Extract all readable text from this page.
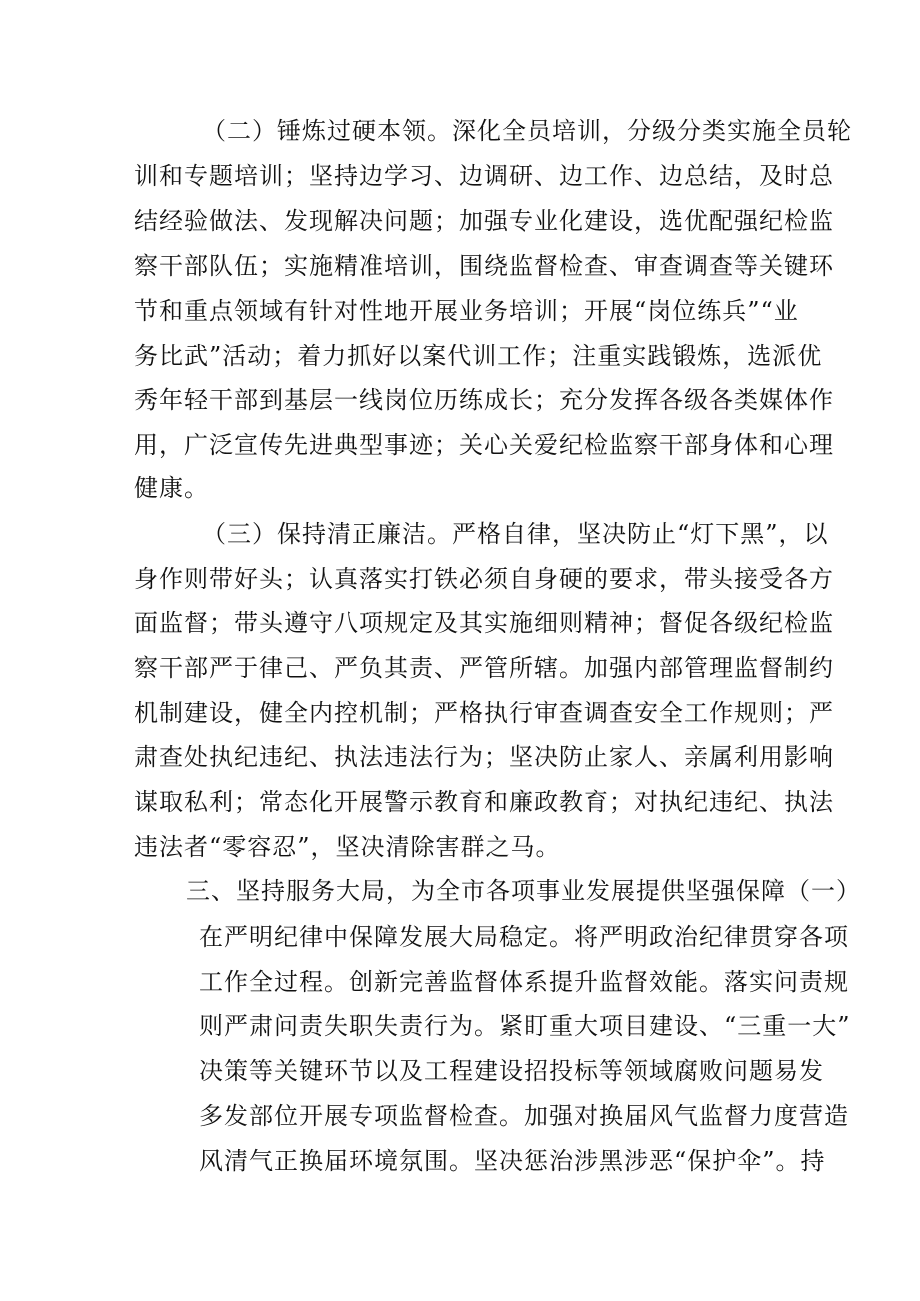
（二）锤炼过硬本领。深化全员培训，分级分类实施全员轮
训和专题培训；坚持边学习、边调研、边工作、边总结，及时总
结经验做法、发现解决问题；加强专业化建设，选优配强纪检监
察干部队伍；实施精准培训，围绕监督检查、审查调查等关键环
节和重点领域有针对性地开展业务培训；开展“岗位练兵”“业
务比武”活动；着力抓好以案代训工作；注重实践锻炼，选派优
秀年轻干部到基层一线岗位历练成长；充分发挥各级各类媒体作
用，广泛宣传先进典型事迹；关心关爱纪检监察干部身体和心理
健康。
（三）保持清正廉洁。严格自律，坚决防止“灯下黑”，以
身作则带好头；认真落实打铁必须自身硬的要求，带头接受各方
面监督；带头遵守八项规定及其实施细则精神；督促各级纪检监
察干部严于律己、严负其责、严管所辖。加强内部管理监督制约
机制建设，健全内控机制；严格执行审查调查安全工作规则；严
肃查处执纪违纪、执法违法行为；坚决防止家人、亲属利用影响
谋取私利；常态化开展警示教育和廉政教育；对执纪违纪、执法
违法者“零容忍”，坚决清除害群之马。
三、坚持服务大局，为全市各项事业发展提供坚强保障（一）
在严明纪律中保障发展大局稳定。将严明政治纪律贯穿各项
工作全过程。创新完善监督体系提升监督效能。落实问责规
则严肃问责失职失责行为。紧盯重大项目建设、“三重一大”
决策等关键环节以及工程建设招投标等领域腐败问题易发
多发部位开展专项监督检查。加强对换届风气监督力度营造
风清气正换届环境氛围。坚决惩治涉黑涉恶“保护伞”。持
